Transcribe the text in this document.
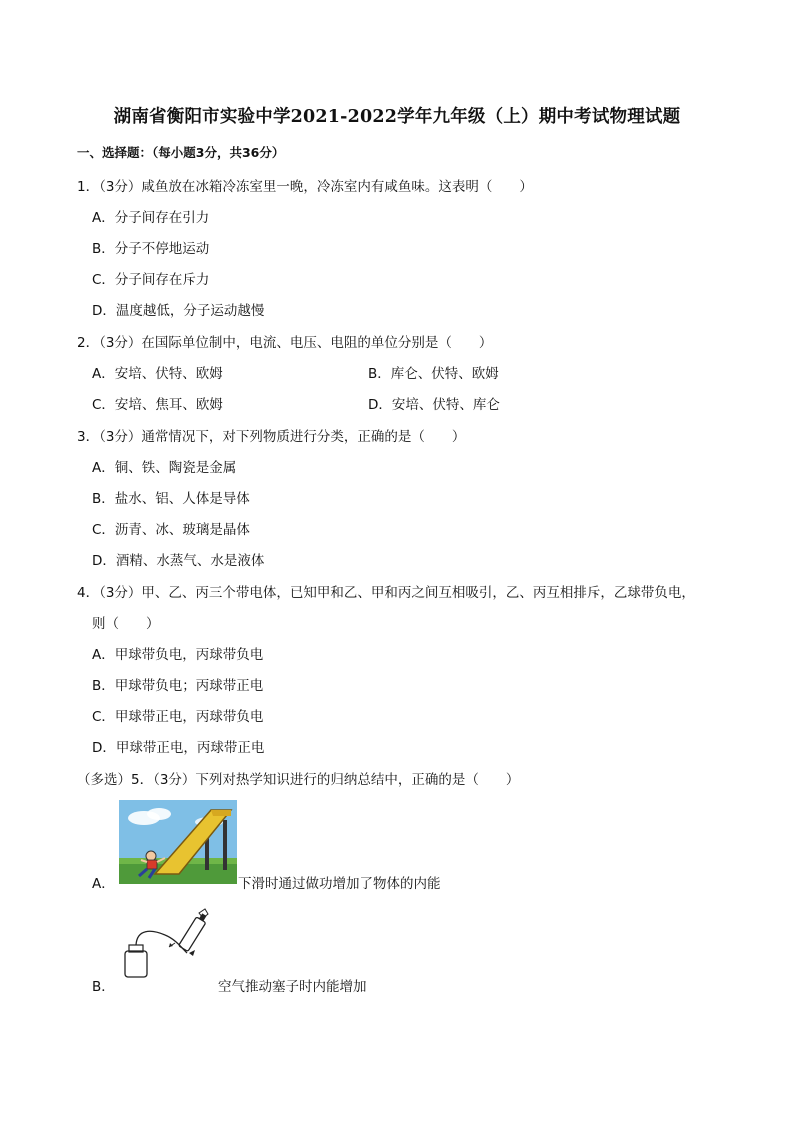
湖南省衡阳市实验中学2021-2022学年九年级（上）期中考试物理试题
一、选择题：（每小题3分，共36分）
1．（3分）咸鱼放在冰箱冷冻室里一晚，冷冻室内有咸鱼味。这表明（　　）
A．分子间存在引力
B．分子不停地运动
C．分子间存在斥力
D．温度越低，分子运动越慢
2．（3分）在国际单位制中，电流、电压、电阻的单位分别是（　　）
A．安培、伏特、欧姆	B．库仑、伏特、欧姆
C．安培、焦耳、欧姆	D．安培、伏特、库仑
3．（3分）通常情况下，对下列物质进行分类，正确的是（　　）
A．铜、铁、陶瓷是金属
B．盐水、铝、人体是导体
C．沥青、冰、玻璃是晶体
D．酒精、水蒸气、水是液体
4．（3分）甲、乙、丙三个带电体，已知甲和乙、甲和丙之间互相吸引，乙、丙互相排斥，乙球带负电，
则（　　）
A．甲球带负电，丙球带负电
B．甲球带负电；丙球带正电
C．甲球带正电，丙球带负电
D．甲球带正电，丙球带正电
（多选）5．（3分）下列对热学知识进行的归纳总结中，正确的是（　　）
A．	下滑时通过做功增加了物体的内能
B．	空气推动塞子时内能增加
